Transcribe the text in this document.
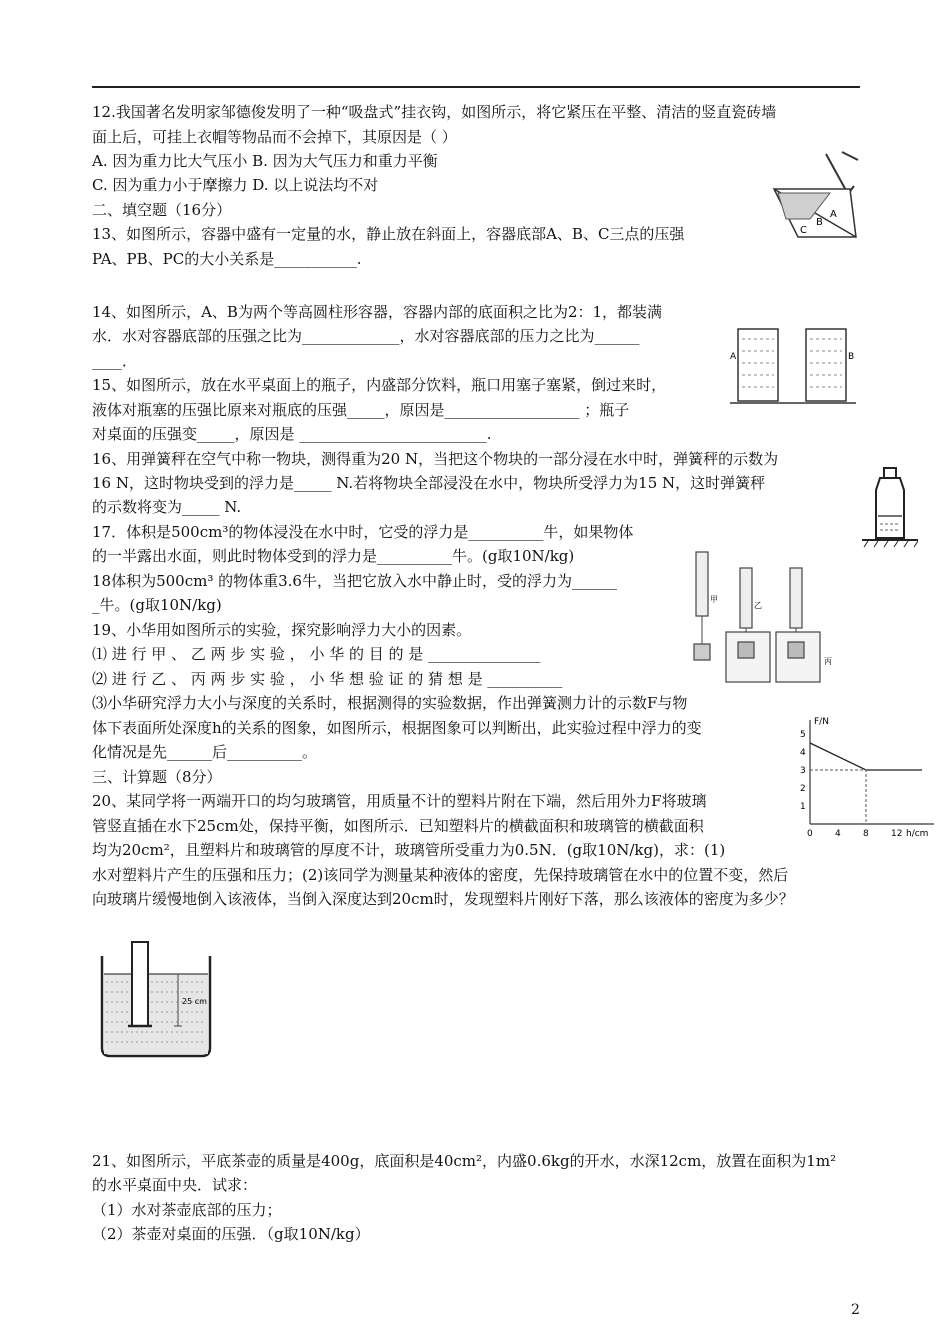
12.我国著名发明家邹德俊发明了一种“吸盘式”挂衣钩，如图所示，将它紧压在平整、清洁的竖直瓷砖墙
面上后，可挂上衣帽等物品而不会掉下，其原因是（ ）
A. 因为重力比大气压小 B. 因为大气压力和重力平衡
C. 因为重力小于摩擦力 D. 以上说法均不对
二、填空题（16分）
13、如图所示，容器中盛有一定量的水，静止放在斜面上，容器底部A、B、C三点的压强
PA、PB、PC的大小关系是___________.
14、如图所示，A、B为两个等高圆柱形容器，容器内部的底面积之比为2：1，都装满
水．水对容器底部的压强之比为_____________，水对容器底部的压力之比为______
____．
15、如图所示，放在水平桌面上的瓶子，内盛部分饮料，瓶口用塞子塞紧，倒过来时，
液体对瓶塞的压强比原来对瓶底的压强_____，原因是__________________ ；瓶子
对桌面的压强变_____，原因是 _________________________.
16、用弹簧秤在空气中称一物块，测得重为20 N，当把这个物块的一部分浸在水中时，弹簧秤的示数为
16 N，这时物块受到的浮力是_____ N.若将物块全部浸没在水中，物块所受浮力为15 N，这时弹簧秤
的示数将变为_____ N.
17．体积是500cm³的物体浸没在水中时，它受的浮力是__________牛，如果物体
的一半露出水面，则此时物体受到的浮力是__________牛。(g取10N/kg)
18体积为500cm³ 的物体重3.6牛，当把它放入水中静止时，受的浮力为______
_牛。(g取10N/kg)
19、小华用如图所示的实验，探究影响浮力大小的因素。
⑴ 进 行 甲 、 乙 两 步 实 验 ， 小 华 的 目 的 是 _______________
⑵ 进 行 乙 、 丙 两 步 实 验 ， 小 华 想 验 证 的 猜 想 是 __________
⑶小华研究浮力大小与深度的关系时，根据测得的实验数据，作出弹簧测力计的示数F与物
体下表面所处深度h的关系的图象，如图所示，根据图象可以判断出，此实验过程中浮力的变
化情况是先______后__________。
三、计算题（8分）
20、某同学将一两端开口的均匀玻璃管，用质量不计的塑料片附在下端，然后用外力F将玻璃
管竖直插在水下25cm处，保持平衡，如图所示．已知塑料片的横截面积和玻璃管的横截面积
均为20cm²，且塑料片和玻璃管的厚度不计，玻璃管所受重力为0.5N．(g取10N/kg)，求：(1)
水对塑料片产生的压强和压力；(2)该同学为测量某种液体的密度，先保持玻璃管在水中的位置不变，然后
向玻璃片缓慢地倒入该液体，当倒入深度达到20cm时，发现塑料片刚好下落，那么该液体的密度为多少？
21、如图所示，平底茶壶的质量是400g，底面积是40cm²，内盛0.6kg的开水，水深12cm，放置在面积为1m²
的水平桌面中央．试求：
（1）水对茶壶底部的压力；
（2）茶壶对桌面的压强．（g取10N/kg）
A
B
C
A	B
甲
乙
丙
F/N
h/cm
1
2
3
4
5
0 4 8 12
25 cm
2
